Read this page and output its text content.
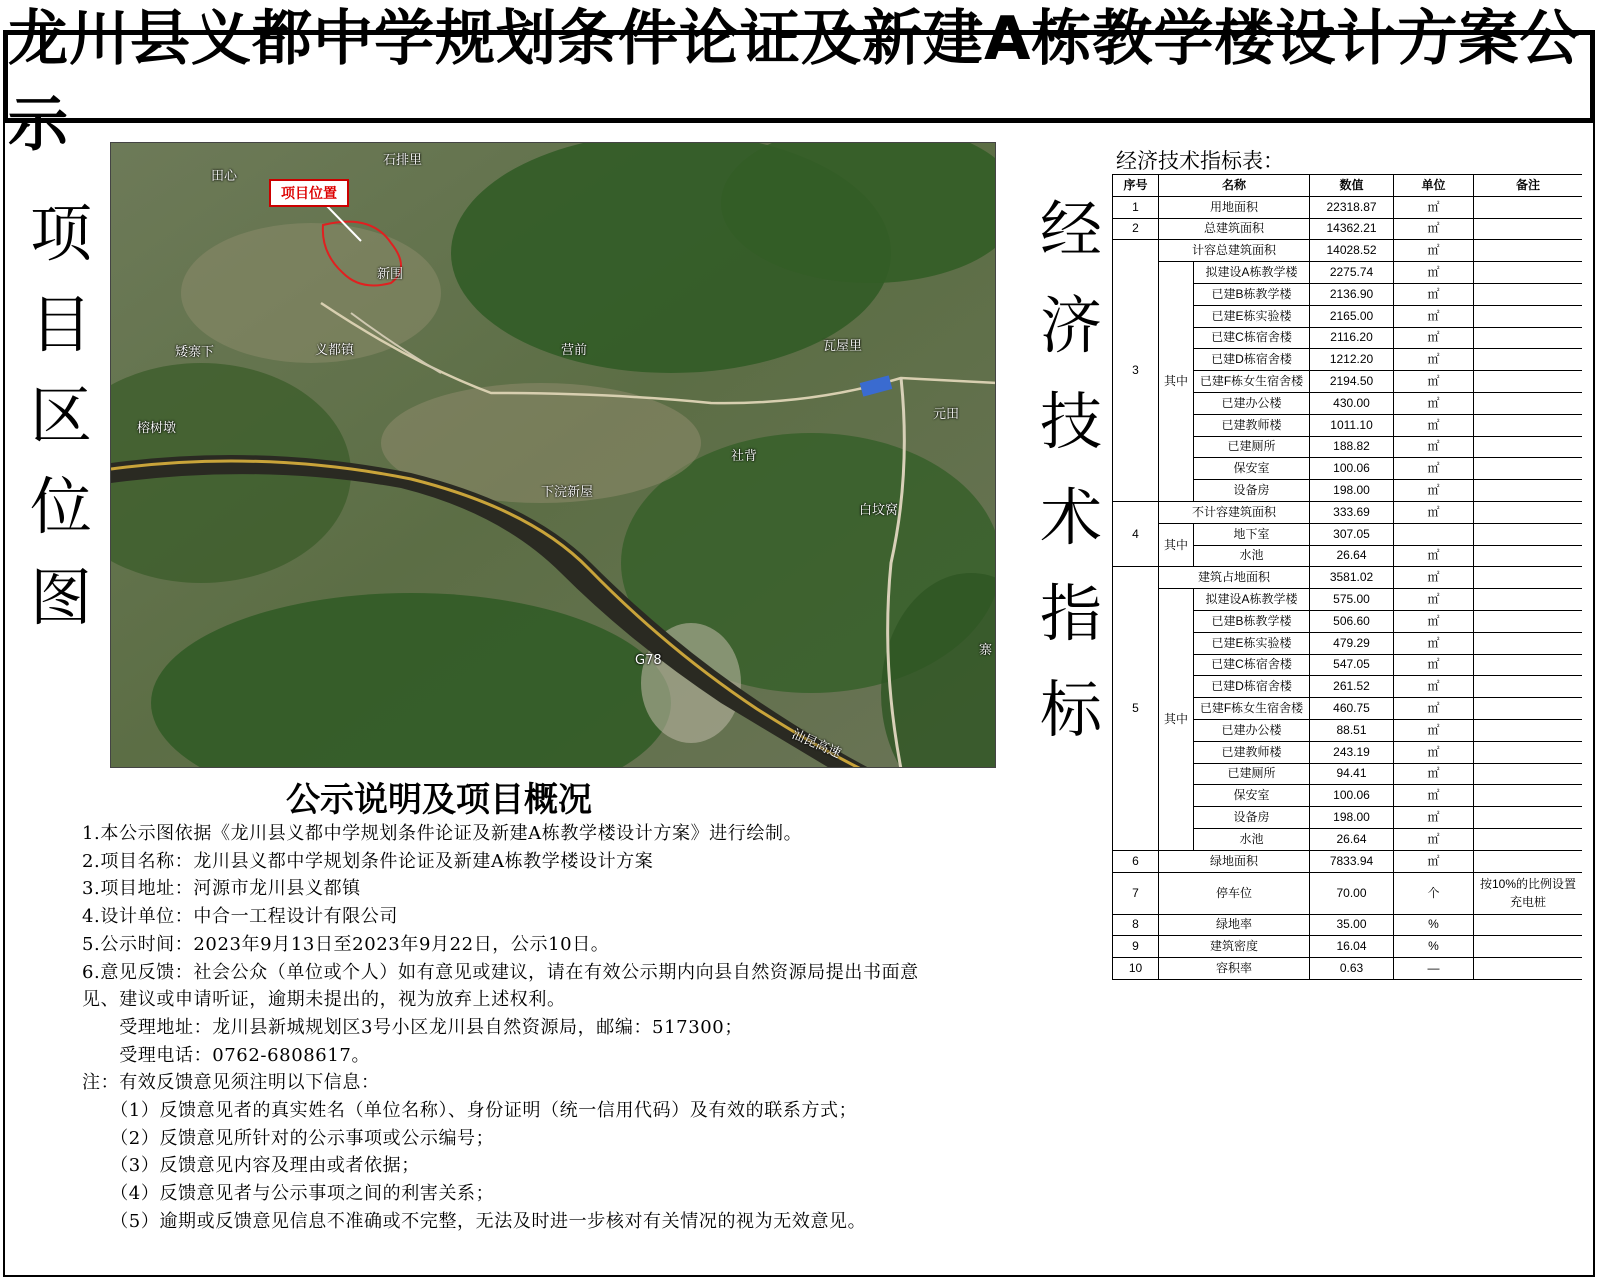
龙川县义都中学规划条件论证及新建A栋教学楼设计方案公示
项
目
区
位
图
经
济
技
术
指
标
项目位置
石排里
田心
新围
矮寨下	义都镇	营前	瓦屋里
榕树墩
元田
社背
下浣新屋
白坟窝
G78
汕昆高速
寨
公示说明及项目概况
1.本公示图依据《龙川县义都中学规划条件论证及新建A栋教学楼设计方案》进行绘制。
2.项目名称：龙川县义都中学规划条件论证及新建A栋教学楼设计方案
3.项目地址：河源市龙川县义都镇
4.设计单位：中合一工程设计有限公司
5.公示时间：2023年9月13日至2023年9月22日，公示10日。
6.意见反馈：社会公众（单位或个人）如有意见或建议，请在有效公示期内向县自然资源局提出书面意
见、建议或申请听证，逾期未提出的，视为放弃上述权利。
　　受理地址：龙川县新城规划区3号小区龙川县自然资源局，邮编：517300；
　　受理电话：0762-6808617。
注：有效反馈意见须注明以下信息：
　　（1）反馈意见者的真实姓名（单位名称）、身份证明（统一信用代码）及有效的联系方式；
　　（2）反馈意见所针对的公示事项或公示编号；
　　（3）反馈意见内容及理由或者依据；
　　（4）反馈意见者与公示事项之间的利害关系；
　　（5）逾期或反馈意见信息不准确或不完整，无法及时进一步核对有关情况的视为无效意见。
经济技术指标表：
序号	名称		数值	单位	备注
1	用地面积		22318.87	㎡	
2	总建筑面积		14362.21	㎡	
3	计容总建筑面积		14028.52	㎡	
	其中	拟建设A栋教学楼	2275.74	㎡	
		已建B栋教学楼	2136.90	㎡	
		已建E栋实验楼	2165.00	㎡	
		已建C栋宿舍楼	2116.20	㎡	
		已建D栋宿舍楼	1212.20	㎡	
		已建F栋女生宿舍楼	2194.50	㎡	
		已建办公楼	430.00	㎡	
		已建教师楼	1011.10	㎡	
		已建厕所	188.82	㎡	
		保安室	100.06	㎡	
		设备房	198.00	㎡	
4	不计容建筑面积		333.69	㎡	
	其中	地下室	307.05		
		水池	26.64	㎡	
5	建筑占地面积		3581.02	㎡	
	其中	拟建设A栋教学楼	575.00	㎡	
		已建B栋教学楼	506.60	㎡	
		已建E栋实验楼	479.29	㎡	
		已建C栋宿舍楼	547.05	㎡	
		已建D栋宿舍楼	261.52	㎡	
		已建F栋女生宿舍楼	460.75	㎡	
		已建办公楼	88.51	㎡	
		已建教师楼	243.19	㎡	
		已建厕所	94.41	㎡	
		保安室	100.06	㎡	
		设备房	198.00	㎡	
		水池	26.64	㎡	
6	绿地面积		7833.94	㎡	
7	停车位		70.00	个	按10%的比例设置充电桩
8	绿地率		35.00	%	
9	建筑密度		16.04	%	
10	容积率		0.63	—	
